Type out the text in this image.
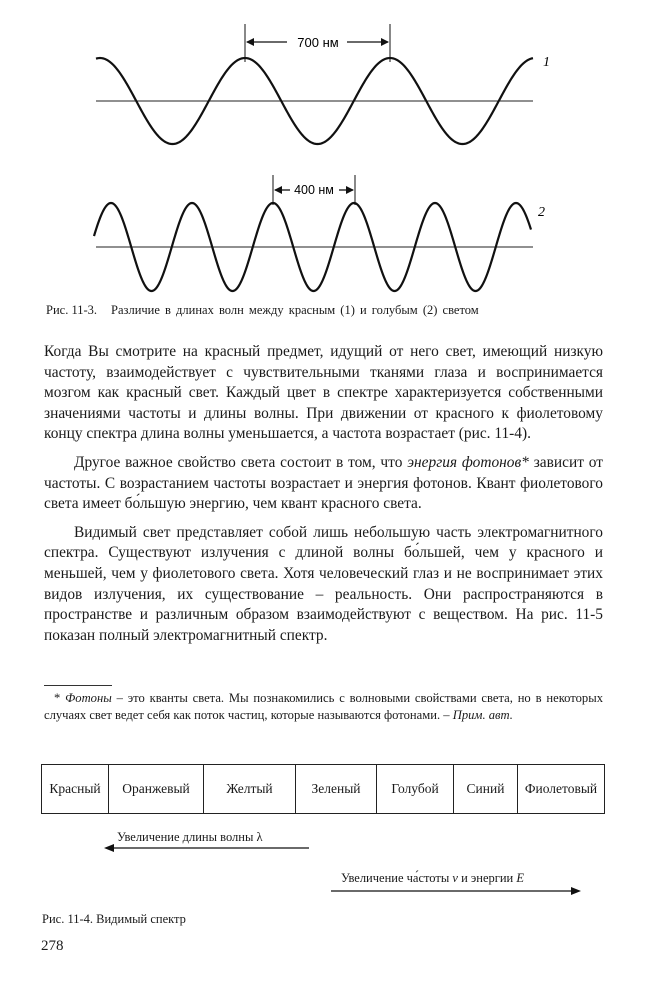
700 нм
1
400 нм
2
Рис. 11-3. Различие в длинах волн между красным (1) и голубым (2) светом

Когда Вы смотрите на красный предмет, идущий от него свет, имеющий низкую частоту, взаимодействует с чувствительными тканями глаза и воспринимается мозгом как красный свет. Каждый цвет в спектре характеризуется собственными значениями частоты и длины волны. При движении от красного к фиолетовому концу спектра длина волны уменьшается, а частота возрастает (рис. 11-4).

Другое важное свойство света состоит в том, что энергия фотонов* зависит от частоты. С возрастанием частоты возрастает и энергия фотонов. Квант фиолетового света имеет бо́льшую энергию, чем квант красного света.

Видимый свет представляет собой лишь небольшую часть электромагнитного спектра. Существуют излучения с длиной волны бо́льшей, чем у красного и меньшей, чем у фиолетового света. Хотя человеческий глаз и не воспринимает этих видов излучения, их существование – реальность. Они распространяются в пространстве и различным образом взаимодействуют с веществом. На рис. 11-5 показан полный электромагнитный спектр.

* Фотоны – это кванты света. Мы познакомились с волновыми свойствами света, но в некоторых случаях свет ведет себя как поток частиц, которые называются фотонами. – Прим. авт.
Красный	Оранжевый	Желтый	Зеленый	Голубой	Синий	Фиолетовый
Увеличение длины волны λ
Увеличение ча́стоты ν и энергии E
Рис. 11-4. Видимый спектр
278
